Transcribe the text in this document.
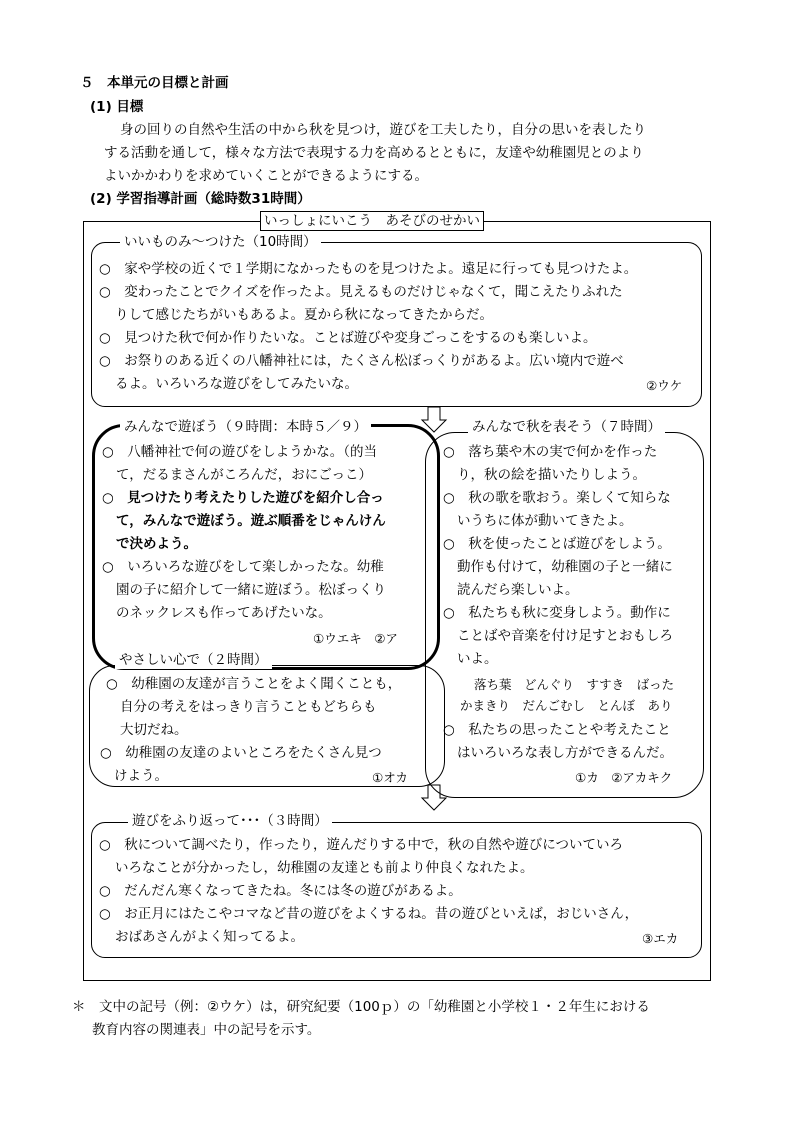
５　本単元の目標と計画
(1) 目標
身の回りの自然や生活の中から秋を見つけ，遊びを工夫したり，自分の思いを表したり
する活動を通して，様々な方法で表現する力を高めるとともに，友達や幼稚園児とのより
よいかかわりを求めていくことができるようにする。
(2) 学習指導計画（総時数31時間）
いっしょにいこう　あそびのせかい
いいものみ～つけた（10時間）
○　家や学校の近くで１学期になかったものを見つけたよ。遠足に行っても見つけたよ。
○　変わったことでクイズを作ったよ。見えるものだけじゃなくて，聞こえたりふれた
りして感じたちがいもあるよ。夏から秋になってきたからだ。
○　見つけた秋で何か作りたいな。ことば遊びや変身ごっこをするのも楽しいよ。
○　お祭りのある近くの八幡神社には，たくさん松ぼっくりがあるよ。広い境内で遊べ
るよ。いろいろな遊びをしてみたいな。	②ウケ
みんなで秋を表そう（７時間）
みんなで遊ぼう（９時間：本時５／９）
○　八幡神社で何の遊びをしようかな。（的当
て，だるまさんがころんだ，おにごっこ）
○　見つけたり考えたりした遊びを紹介し合っ
て，みんなで遊ぼう。遊ぶ順番をじゃんけん
で決めよう。
○　いろいろな遊びをして楽しかったな。幼稚
園の子に紹介して一緒に遊ぼう。松ぼっくり
のネックレスも作ってあげたいな。
①ウエキ　②ア
やさしい心で（２時間）
○　幼稚園の友達が言うことをよく聞くことも，
自分の考えをはっきり言うこともどちらも
大切だね。
○　幼稚園の友達のよいところをたくさん見つ
けよう。	①オカ
○　落ち葉や木の実で何かを作った
り，秋の絵を描いたりしよう。
○　秋の歌を歌おう。楽しくて知らな
いうちに体が動いてきたよ。
○　秋を使ったことば遊びをしよう。
動作も付けて，幼稚園の子と一緒に
読んだら楽しいよ。
○　私たちも秋に変身しよう。動作に
ことばや音楽を付け足すとおもしろ
いよ。
落ち葉　どんぐり　すすき　ばった
かまきり　だんごむし　とんぼ　あり
○　私たちの思ったことや考えたこと
はいろいろな表し方ができるんだ。
①カ　②アカキク
遊びをふり返って･･･（３時間）
○　秋について調べたり，作ったり，遊んだりする中で，秋の自然や遊びについていろ
いろなことが分かったし，幼稚園の友達とも前より仲良くなれたよ。
○　だんだん寒くなってきたね。冬には冬の遊びがあるよ。
○　お正月にはたこやコマなど昔の遊びをよくするね。昔の遊びといえば，おじいさん，
おばあさんがよく知ってるよ。	③エカ
＊　文中の記号（例：②ウケ）は，研究紀要（100ｐ）の「幼稚園と小学校１・２年生における
教育内容の関連表」中の記号を示す。
